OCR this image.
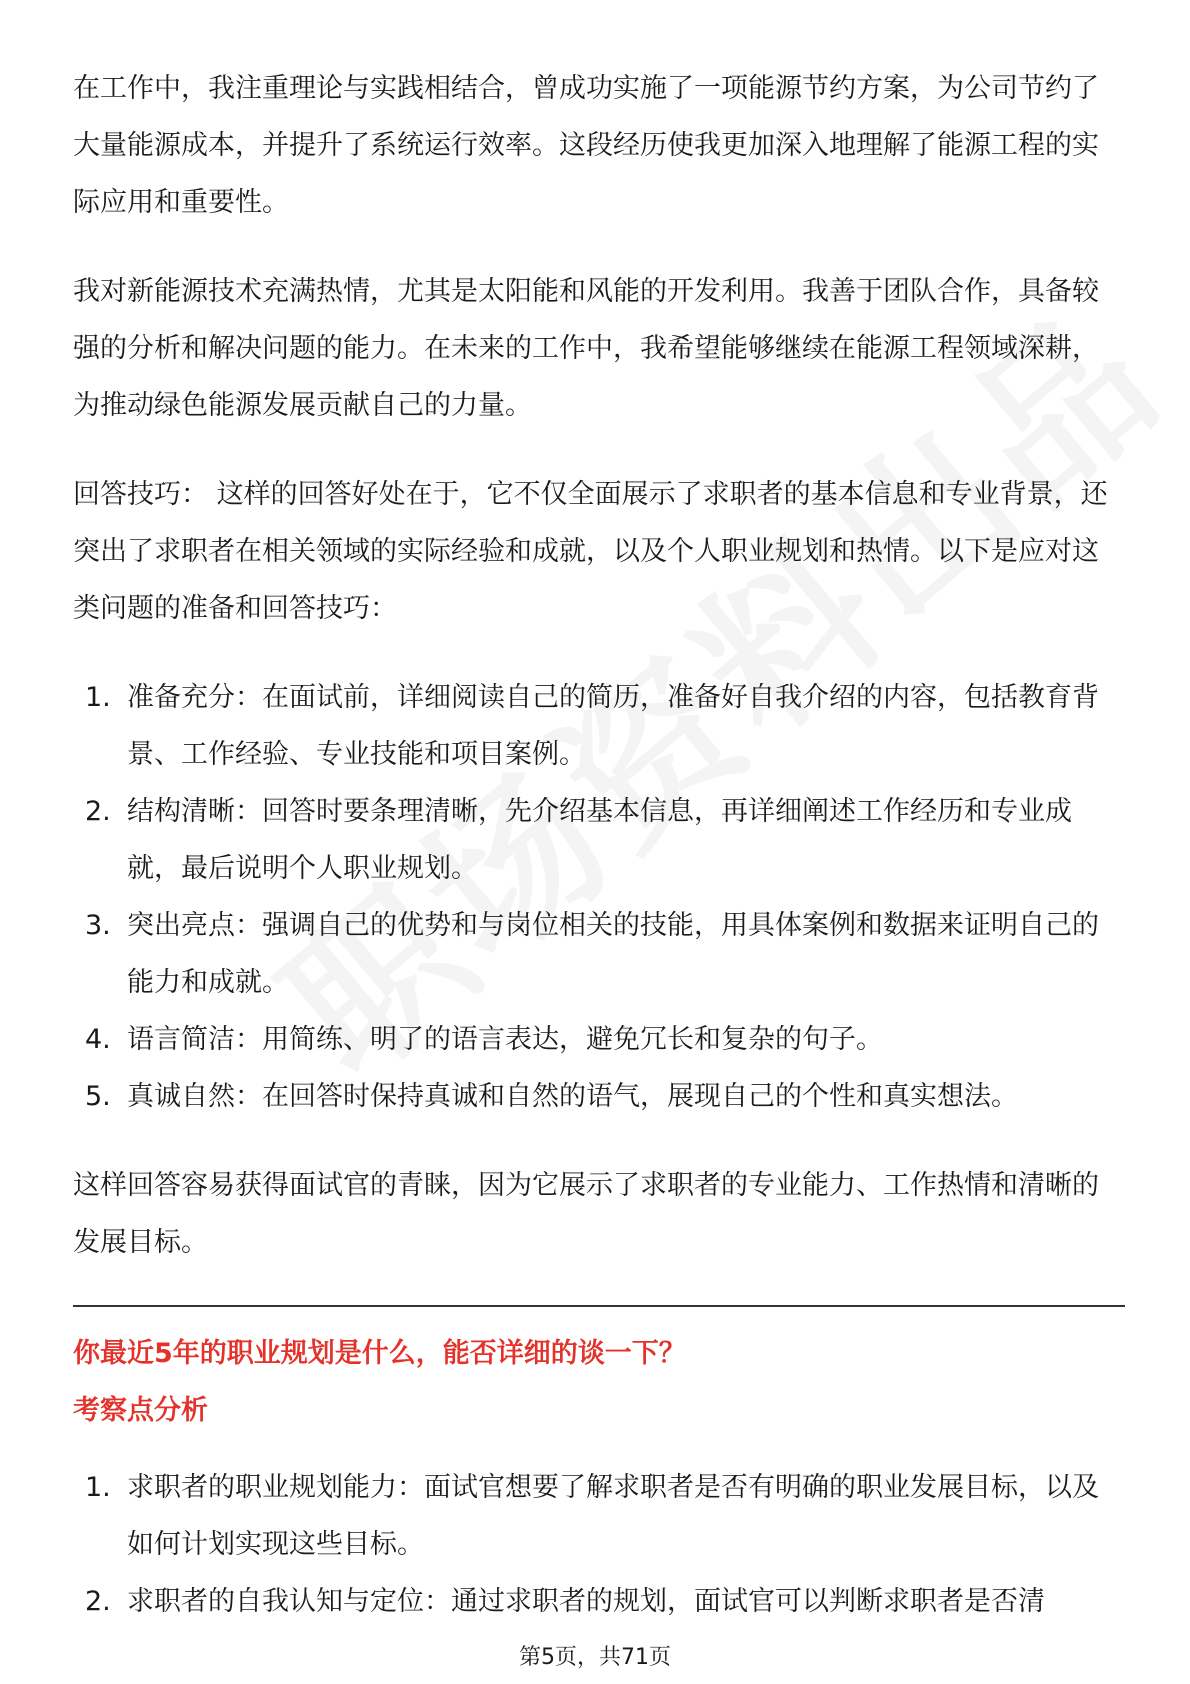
在工作中，我注重理论与实践相结合，曾成功实施了一项能源节约方案，为公司节约了大量能源成本，并提升了系统运行效率。这段经历使我更加深入地理解了能源工程的实际应用和重要性。

我对新能源技术充满热情，尤其是太阳能和风能的开发利用。我善于团队合作，具备较强的分析和解决问题的能力。在未来的工作中，我希望能够继续在能源工程领域深耕，为推动绿色能源发展贡献自己的力量。

回答技巧： 这样的回答好处在于，它不仅全面展示了求职者的基本信息和专业背景，还突出了求职者在相关领域的实际经验和成就，以及个人职业规划和热情。以下是应对这类问题的准备和回答技巧：

1. 准备充分：在面试前，详细阅读自己的简历，准备好自我介绍的内容，包括教育背景、工作经验、专业技能和项目案例。
2. 结构清晰：回答时要条理清晰，先介绍基本信息，再详细阐述工作经历和专业成就，最后说明个人职业规划。
3. 突出亮点：强调自己的优势和与岗位相关的技能，用具体案例和数据来证明自己的能力和成就。
4. 语言简洁：用简练、明了的语言表达，避免冗长和复杂的句子。
5. 真诚自然：在回答时保持真诚和自然的语气，展现自己的个性和真实想法。

这样回答容易获得面试官的青睐，因为它展示了求职者的专业能力、工作热情和清晰的发展目标。

你最近5年的职业规划是什么，能否详细的谈一下？

考察点分析

1. 求职者的职业规划能力：面试官想要了解求职者是否有明确的职业发展目标，以及如何计划实现这些目标。
2. 求职者的自我认知与定位：通过求职者的规划，面试官可以判断求职者是否清
第5页，共71页
